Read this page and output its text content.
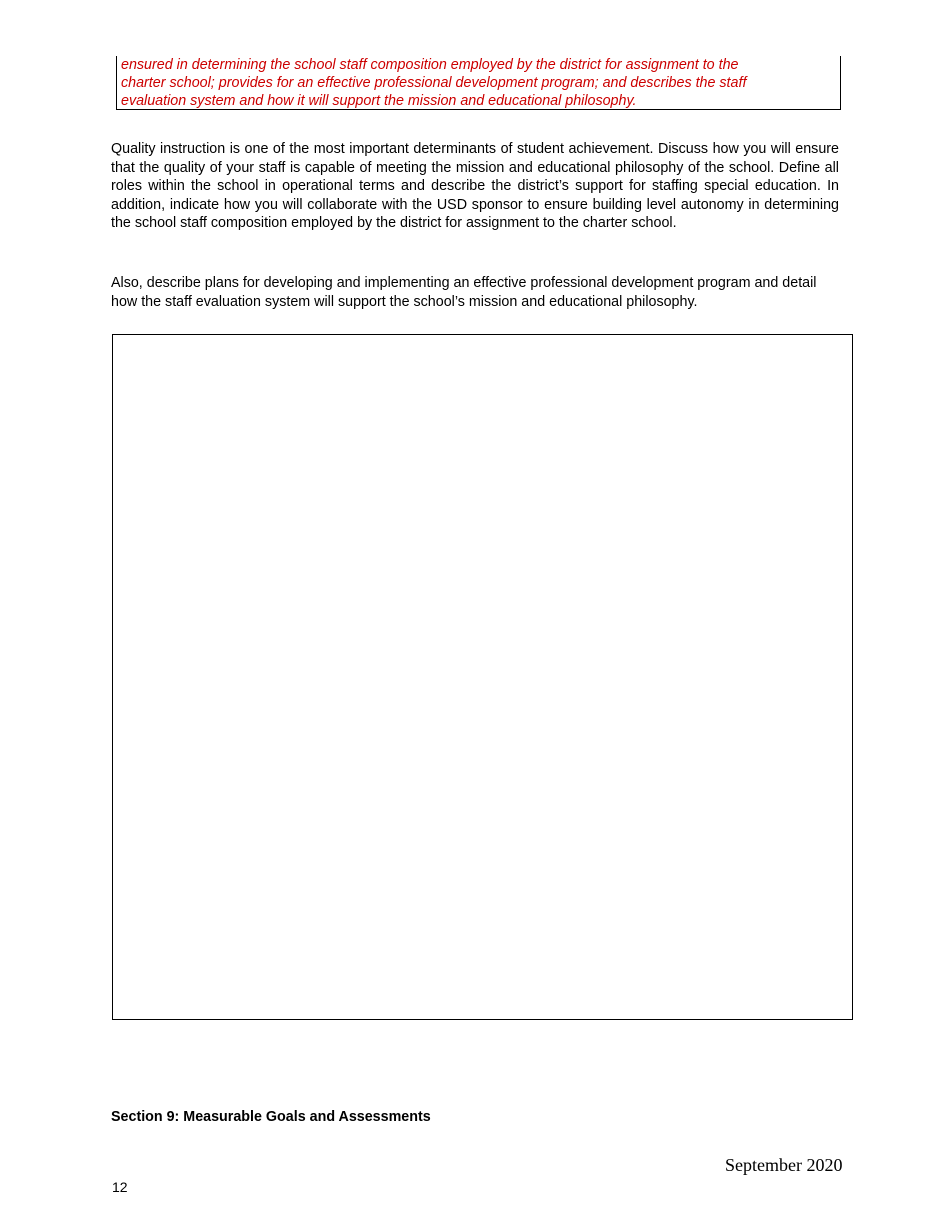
ensured in determining the school staff composition employed by the district for assignment to the

charter school; provides for an effective professional development program; and describes the staff

evaluation system and how it will support the mission and educational philosophy.

Quality instruction is one of the most important determinants of student achievement. Discuss how you will ensure that the quality of your staff is capable of meeting the mission and educational philosophy of the school. Define all roles within the school in operational terms and describe the district’s support for staffing special education. In addition, indicate how you will collaborate with the USD sponsor to ensure building level autonomy in determining the school staff composition employed by the district for assignment to the charter school.

Also, describe plans for developing and implementing an effective professional development program and detail how the staff evaluation system will support the school’s mission and educational philosophy.

Section 9: Measurable Goals and Assessments
September 2020
12
